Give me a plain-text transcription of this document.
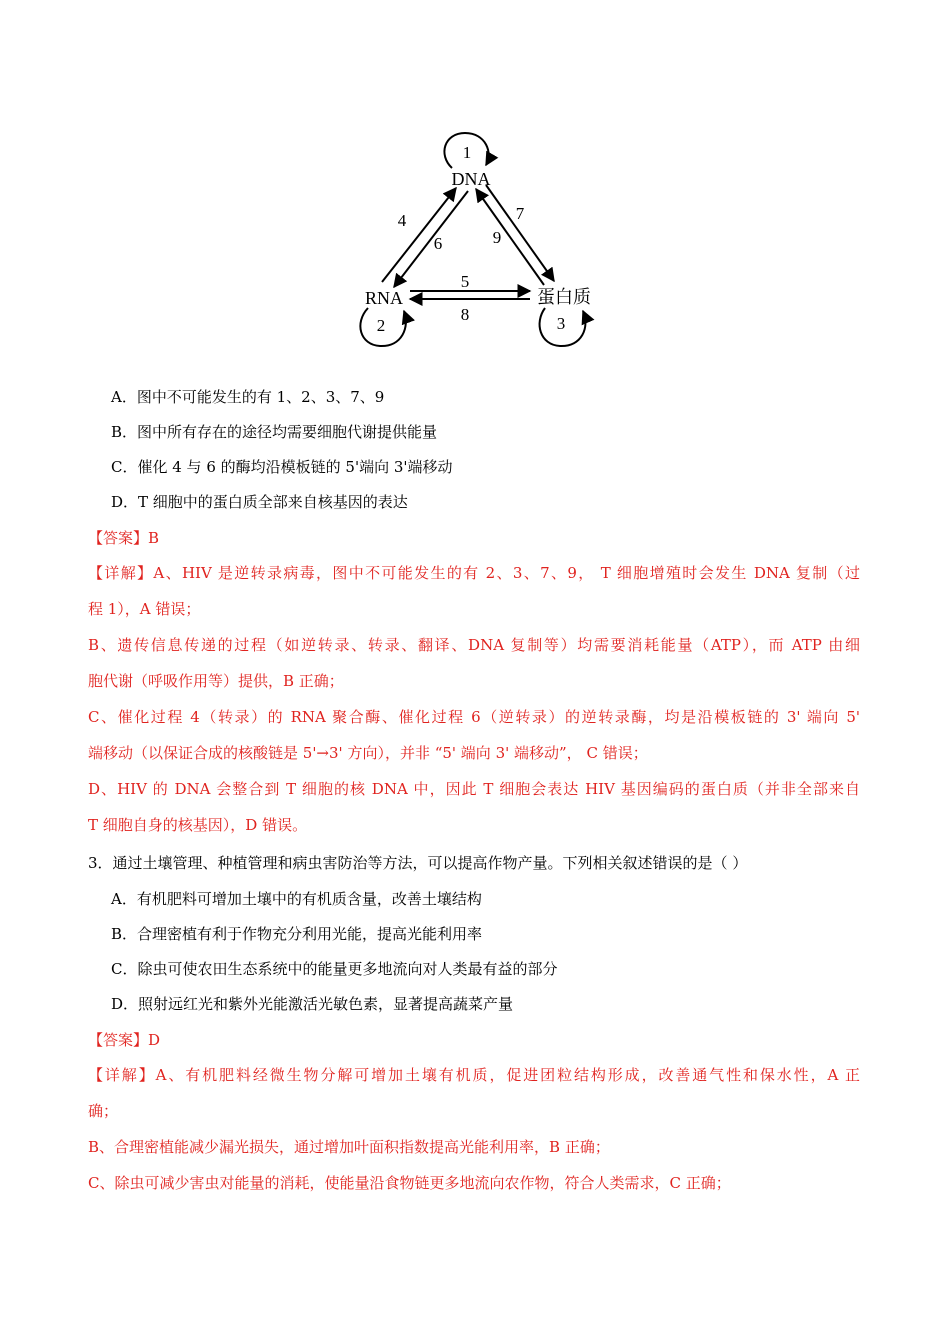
DNA
RNA	蛋白质
1
2	3
4
5
6
7
8
9
A．图中不可能发生的有 1、2、3、7、9
B．图中所有存在的途径均需要细胞代谢提供能量
C．催化 4 与 6 的酶均沿模板链的 5'端向 3'端移动
D．T 细胞中的蛋白质全部来自核基因的表达
【答案】B
【详解】A、HIV 是逆转录病毒，图中不可能发生的有 2、3、7、9， T 细胞增殖时会发生 DNA 复制（过
程 1），A 错误；
B、遗传信息传递的过程（如逆转录、转录、翻译、DNA 复制等）均需要消耗能量（ATP），而 ATP 由细
胞代谢（呼吸作用等）提供，B 正确；
C、催化过程 4（转录）的 RNA 聚合酶、催化过程 6（逆转录）的逆转录酶，均是沿模板链的 3' 端向 5'
端移动（以保证合成的核酸链是 5'→3' 方向），并非 “5' 端向 3' 端移动”， C 错误；
D、HIV 的 DNA 会整合到 T 细胞的核 DNA 中，因此 T 细胞会表达 HIV 基因编码的蛋白质（并非全部来自
T 细胞自身的核基因），D 错误。
3．通过土壤管理、种植管理和病虫害防治等方法，可以提高作物产量。下列相关叙述错误的是（ ）
A．有机肥料可增加土壤中的有机质含量，改善土壤结构
B．合理密植有利于作物充分利用光能，提高光能利用率
C．除虫可使农田生态系统中的能量更多地流向对人类最有益的部分
D．照射远红光和紫外光能激活光敏色素，显著提高蔬菜产量
【答案】D
【详解】A、有机肥料经微生物分解可增加土壤有机质，促进团粒结构形成，改善通气性和保水性，A 正
确；
B、合理密植能减少漏光损失，通过增加叶面积指数提高光能利用率，B 正确；
C、除虫可减少害虫对能量的消耗，使能量沿食物链更多地流向农作物，符合人类需求，C 正确；
